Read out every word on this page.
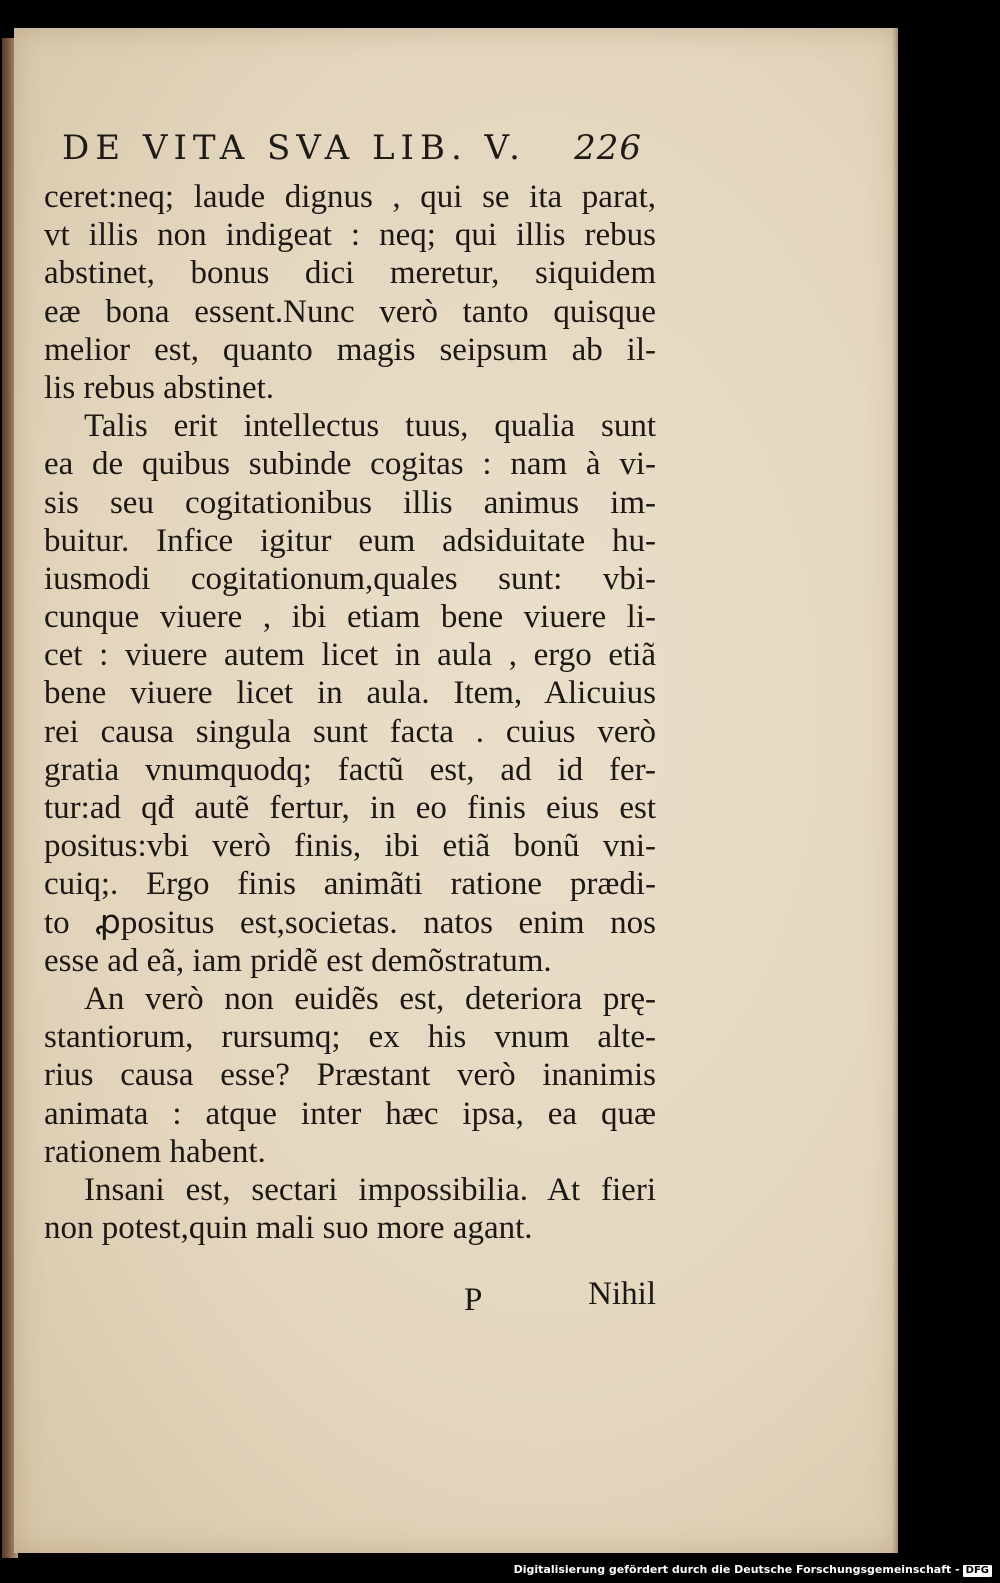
DE VITA SVA LIB. V. 226
ceret:neq; laude dignus , qui se ita parat,
vt illis non indigeat : neq; qui illis rebus
abstinet, bonus dici meretur, siquidem
eæ bona essent.Nunc verò tanto quisque
melior est, quanto magis seipsum ab il-
lis rebus abstinet.
Talis erit intellectus tuus, qualia sunt
ea de quibus subinde cogitas : nam à vi-
sis seu cogitationibus illis animus im-
buitur. Infice igitur eum adsiduitate hu-
iusmodi cogitationum,quales sunt: vbi-
cunque viuere , ibi etiam bene viuere li-
cet : viuere autem licet in aula , ergo etiã
bene viuere licet in aula. Item, Alicuius
rei causa singula sunt facta . cuius verò
gratia vnumquodq; factũ est, ad id fer-
tur:ad qđ autẽ fertur, in eo finis eius est
positus:vbi verò finis, ibi etiã bonũ vni-
cuiq;. Ergo finis animãti ratione prædi-
to ꝓpositus est,societas. natos enim nos
esse ad eã, iam pridẽ est demõstratum.
An verò non euidẽs est, deteriora prę-
stantiorum, rursumq; ex his vnum alte-
rius causa esse? Præstant verò inanimis
animata : atque inter hæc ipsa, ea quæ
rationem habent.
Insani est, sectari impossibilia. At fieri
non potest,quin mali suo more agant.
P	Nihil
Digitalisierung gefördert durch die Deutsche Forschungsgemeinschaft - DFG
